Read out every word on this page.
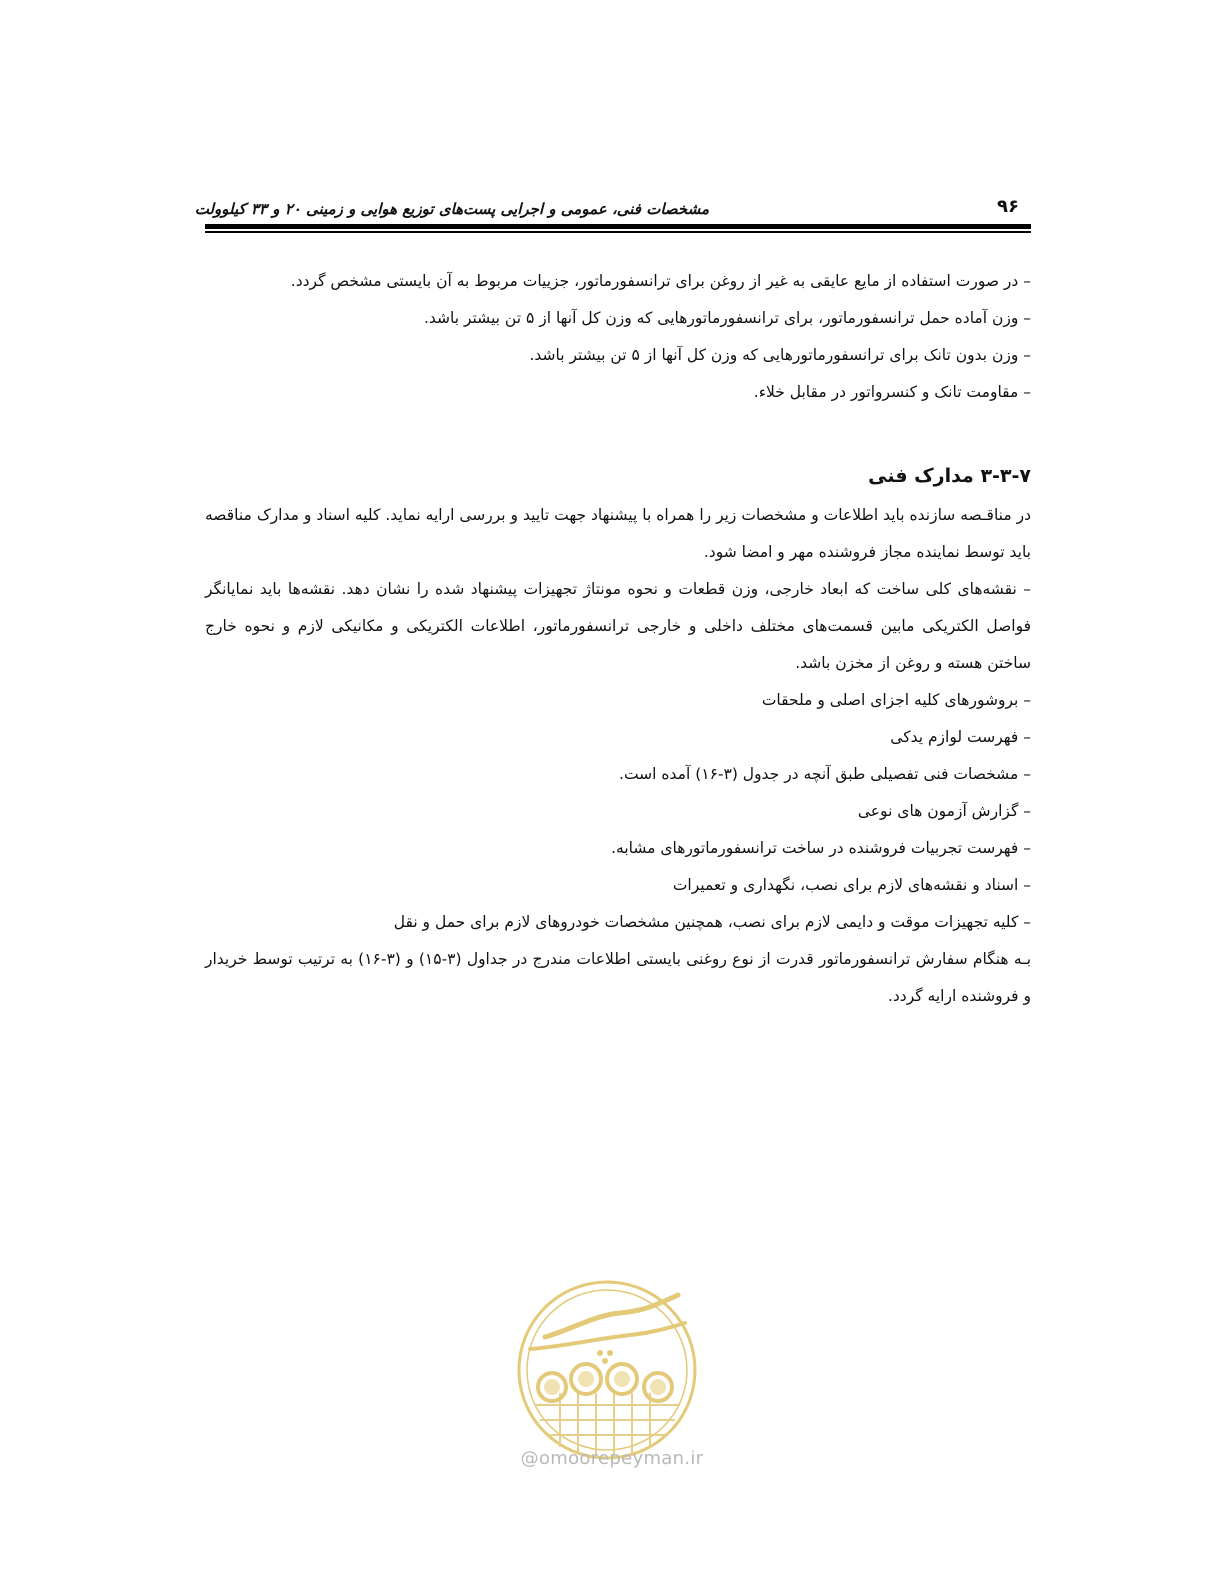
مشخصات فنی، عمومی و اجرایی پست‌های توزیع هوایی و زمینی ۲۰ و ۳۳ کیلوولت	۹۶

– در صورت استفاده از مایع عایقی به غیر از روغن برای ترانسفورماتور، جزییات مربوط به آن بایستی مشخص گردد.

– وزن آماده حمل ترانسفورماتور، برای ترانسفورماتورهایی که وزن کل آنها از ۵ تن بیشتر باشد.

– وزن بدون تانک برای ترانسفورماتورهایی که وزن کل آنها از ۵ تن بیشتر باشد.

– مقاومت تانک و کنسرواتور در مقابل خلاء.

۳-۳-۷ مدارک فنی

در مناقـصه سازنده باید اطلاعات و مشخصات زیر را همراه با پیشنهاد جهت تایید و بررسی ارایه نماید. کلیه اسناد و مدارک مناقصه باید توسط نماینده مجاز فروشنده مهر و امضا شود.

– نقشه‌های کلی ساخت که ابعاد خارجی، وزن قطعات و نحوه مونتاژ تجهیزات پیشنهاد شده را نشان دهد. نقشه‌ها باید نمایانگر فواصل الکتریکی مابین قسمت‌های مختلف داخلی و خارجی ترانسفورماتور، اطلاعات الکتریکی و مکانیکی لازم و نحوه خارج ساختن هسته و روغن از مخزن باشد.

– بروشورهای کلیه اجزای اصلی و ملحقات

– فهرست لوازم یدکی

– مشخصات فنی تفصیلی طبق آنچه در جدول (۳-۱۶) آمده است.

– گزارش آزمون های نوعی

– فهرست تجربیات فروشنده در ساخت ترانسفورماتورهای مشابه.

– اسناد و نقشه‌های لازم برای نصب، نگهداری و تعمیرات

– کلیه تجهیزات موقت و دایمی لازم برای نصب، همچنین مشخصات خودروهای لازم برای حمل و نقل

بـه هنگام سفارش ترانسفورماتور قدرت از نوع روغنی بایستی اطلاعات مندرج در جداول (۳-۱۵) و (۳-۱۶) به ترتیب توسط خریدار و فروشنده ارایه گردد.

@omoorepeyman.ir
